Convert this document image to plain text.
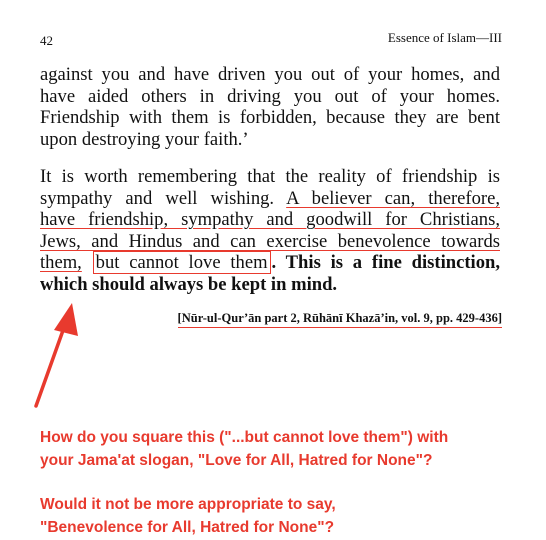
42	Essence of Islam—III
against you and have driven you out of your homes, and
have aided others in driving you out of your homes.
Friendship with them is forbidden, because they are bent
upon destroying your faith.’
It is worth remembering that the reality of friendship is
sympathy and well wishing. A believer can, therefore,
have friendship, sympathy and goodwill for Christians,
Jews, and Hindus and can exercise benevolence towards
them, but cannot love them . This is a fine distinction,
which should always be kept in mind.
[Nūr-ul-Qur’ān part 2, Rūhānī Khazā’in, vol. 9, pp. 429-436]
How do you square this ("...but cannot love them") with
your Jama'at slogan, "Love for All, Hatred for None"?
Would it not be more appropriate to say,
"Benevolence for All, Hatred for None"?
